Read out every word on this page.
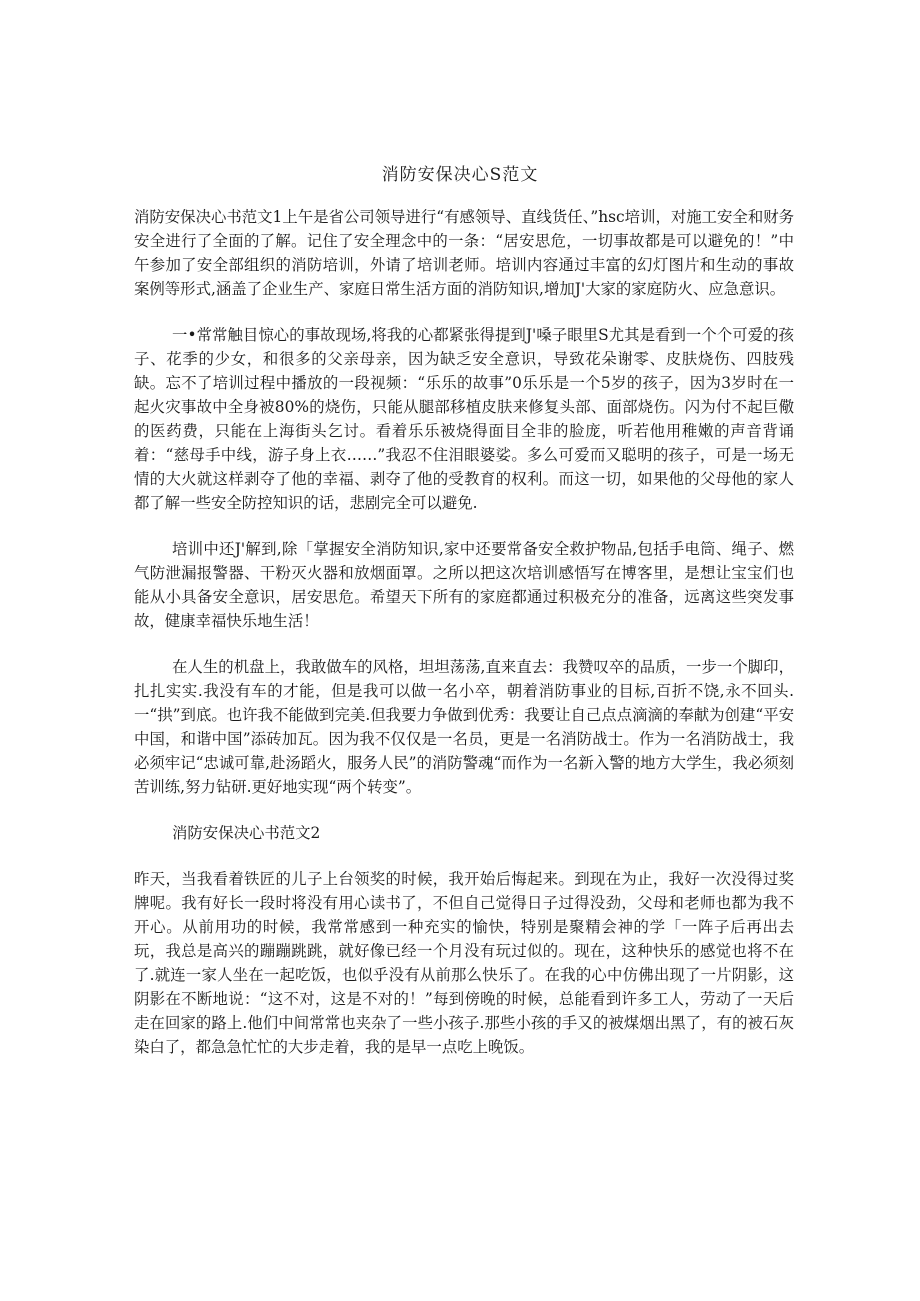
消防安保决心S范文

消防安保决心书范文1上午是省公司领导进行“有感领导、直线货任、”hsc培训，对施工安全和财务安全进行了全面的了解。记住了安全理念中的一条：“居安思危，一切事故都是可以避免的！”中午参加了安全部组织的消防培训，外请了培训老师。培训内容通过丰富的幻灯图片和生动的事故案例等形式,涵盖了企业生产、家庭日常生活方面的消防知识,增加J'大家的家庭防火、应急意识。

一•常常触目惊心的事故现场,将我的心都紧张得提到J'嗓子眼里S尤其是看到一个个可爱的孩子、花季的少女，和很多的父亲母亲，因为缺乏安全意识，导致花朵谢零、皮肤烧伤、四肢残缺。忘不了培训过程中播放的一段视频：“乐乐的故事”0乐乐是一个5岁的孩子，因为3岁时在一起火灾事故中全身被80%的烧伤，只能从腿部移植皮肤来修复头部、面部烧伤。闪为付不起巨儆的医药费，只能在上海街头乞讨。看着乐乐被烧得面目全非的脸庞，听若他用稚嫩的声音背诵着：“慈母手中线，游子身上衣……”我忍不住泪眼婆娑。多么可爱而又聪明的孩子，可是一场无情的大火就这样剥夺了他的幸福、剥夺了他的受教育的权利。而这一切，如果他的父母他的家人都了解一些安全防控知识的话，悲剧完全可以避免.

培训中还J'解到,除「掌握安全消防知识,家中还要常备安全救护物品,包括手电筒、绳子、燃气防泄漏报警器、干粉灭火器和放烟面罩。之所以把这次培训感悟写在博客里，是想让宝宝们也能从小具备安全意识，居安思危。希望天下所有的家庭都通过积极充分的准备，远离这些突发事故，健康幸福快乐地生活！

在人生的机盘上，我敢做车的风格，坦坦荡荡,直来直去：我赞叹卒的品质，一步一个脚印，扎扎实实.我没有车的才能，但是我可以做一名小卒，朝着消防事业的目标,百折不饶,永不回头.一“拱”到底。也许我不能做到完美.但我要力争做到优秀：我要让自己点点滴滴的奉献为创建“平安中国，和谐中国”添砖加瓦。因为我不仅仅是一名员，更是一名消防战士。作为一名消防战士，我必须牢记“忠诚可靠,赴汤蹈火，服务人民”的消防警魂“而作为一名新入警的地方大学生，我必须刻苦训练,努力钻研.更好地实现“两个转变”。

消防安保决心书范文2

昨天，当我看着铁匠的儿子上台领奖的时候，我开始后悔起来。到现在为止，我好一次没得过奖牌呢。我有好长一段时将没有用心读书了，不但自己觉得日子过得没劲，父母和老师也都为我不开心。从前用功的时候，我常常感到一种充实的愉快，特别是聚精会神的学「一阵子后再出去玩，我总是高兴的蹦蹦跳跳，就好像已经一个月没有玩过似的。现在，这种快乐的感觉也将不在了.就连一家人坐在一起吃饭，也似乎没有从前那么快乐了。在我的心中仿佛出现了一片阴影，这阴影在不断地说：“这不对，这是不对的！”每到傍晚的时候，总能看到许多工人，劳动了一天后走在回家的路上.他们中间常常也夹杂了一些小孩子.那些小孩的手又的被煤烟出黑了，有的被石灰染白了，都急急忙忙的大步走着，我的是早一点吃上晚饭。
